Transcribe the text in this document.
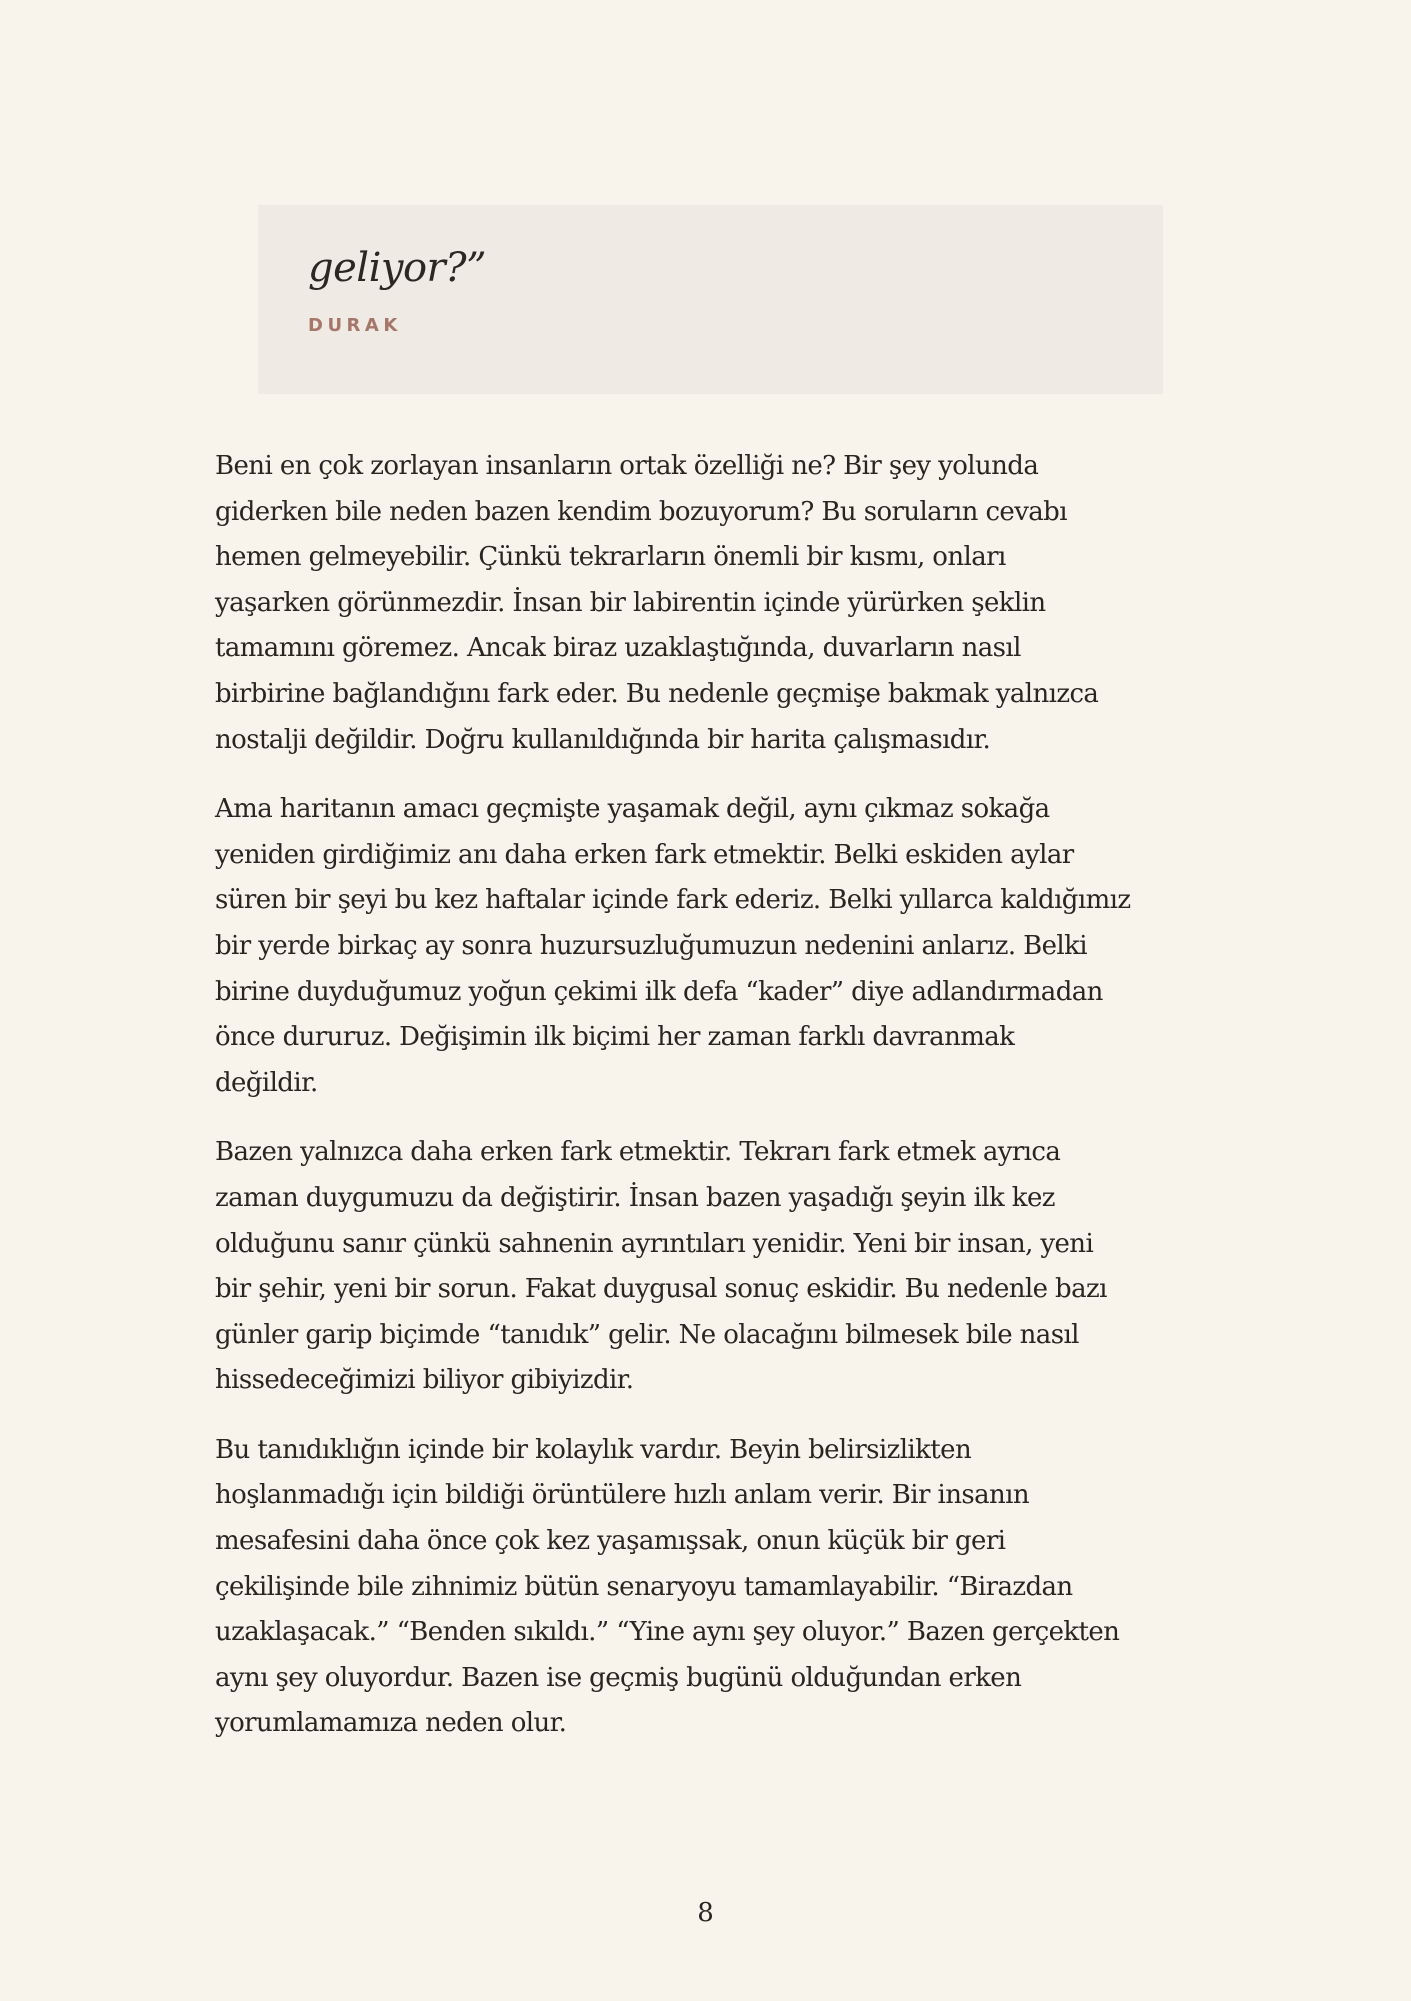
geliyor?”

DURAK

Beni en çok zorlayan insanların ortak özelliği ne? Bir şey yolunda
giderken bile neden bazen kendim bozuyorum? Bu soruların cevabı
hemen gelmeyebilir. Çünkü tekrarların önemli bir kısmı, onları
yaşarken görünmezdir. İnsan bir labirentin içinde yürürken şeklin
tamamını göremez. Ancak biraz uzaklaştığında, duvarların nasıl
birbirine bağlandığını fark eder. Bu nedenle geçmişe bakmak yalnızca
nostalji değildir. Doğru kullanıldığında bir harita çalışmasıdır.

Ama haritanın amacı geçmişte yaşamak değil, aynı çıkmaz sokağa
yeniden girdiğimiz anı daha erken fark etmektir. Belki eskiden aylar
süren bir şeyi bu kez haftalar içinde fark ederiz. Belki yıllarca kaldığımız
bir yerde birkaç ay sonra huzursuzluğumuzun nedenini anlarız. Belki
birine duyduğumuz yoğun çekimi ilk defa “kader” diye adlandırmadan
önce dururuz. Değişimin ilk biçimi her zaman farklı davranmak
değildir.

Bazen yalnızca daha erken fark etmektir. Tekrarı fark etmek ayrıca
zaman duygumuzu da değiştirir. İnsan bazen yaşadığı şeyin ilk kez
olduğunu sanır çünkü sahnenin ayrıntıları yenidir. Yeni bir insan, yeni
bir şehir, yeni bir sorun. Fakat duygusal sonuç eskidir. Bu nedenle bazı
günler garip biçimde “tanıdık” gelir. Ne olacağını bilmesek bile nasıl
hissedeceğimizi biliyor gibiyizdir.

Bu tanıdıklığın içinde bir kolaylık vardır. Beyin belirsizlikten
hoşlanmadığı için bildiği örüntülere hızlı anlam verir. Bir insanın
mesafesini daha önce çok kez yaşamışsak, onun küçük bir geri
çekilişinde bile zihnimiz bütün senaryoyu tamamlayabilir. “Birazdan
uzaklaşacak.” “Benden sıkıldı.” “Yine aynı şey oluyor.” Bazen gerçekten
aynı şey oluyordur. Bazen ise geçmiş bugünü olduğundan erken
yorumlamamıza neden olur.

8
